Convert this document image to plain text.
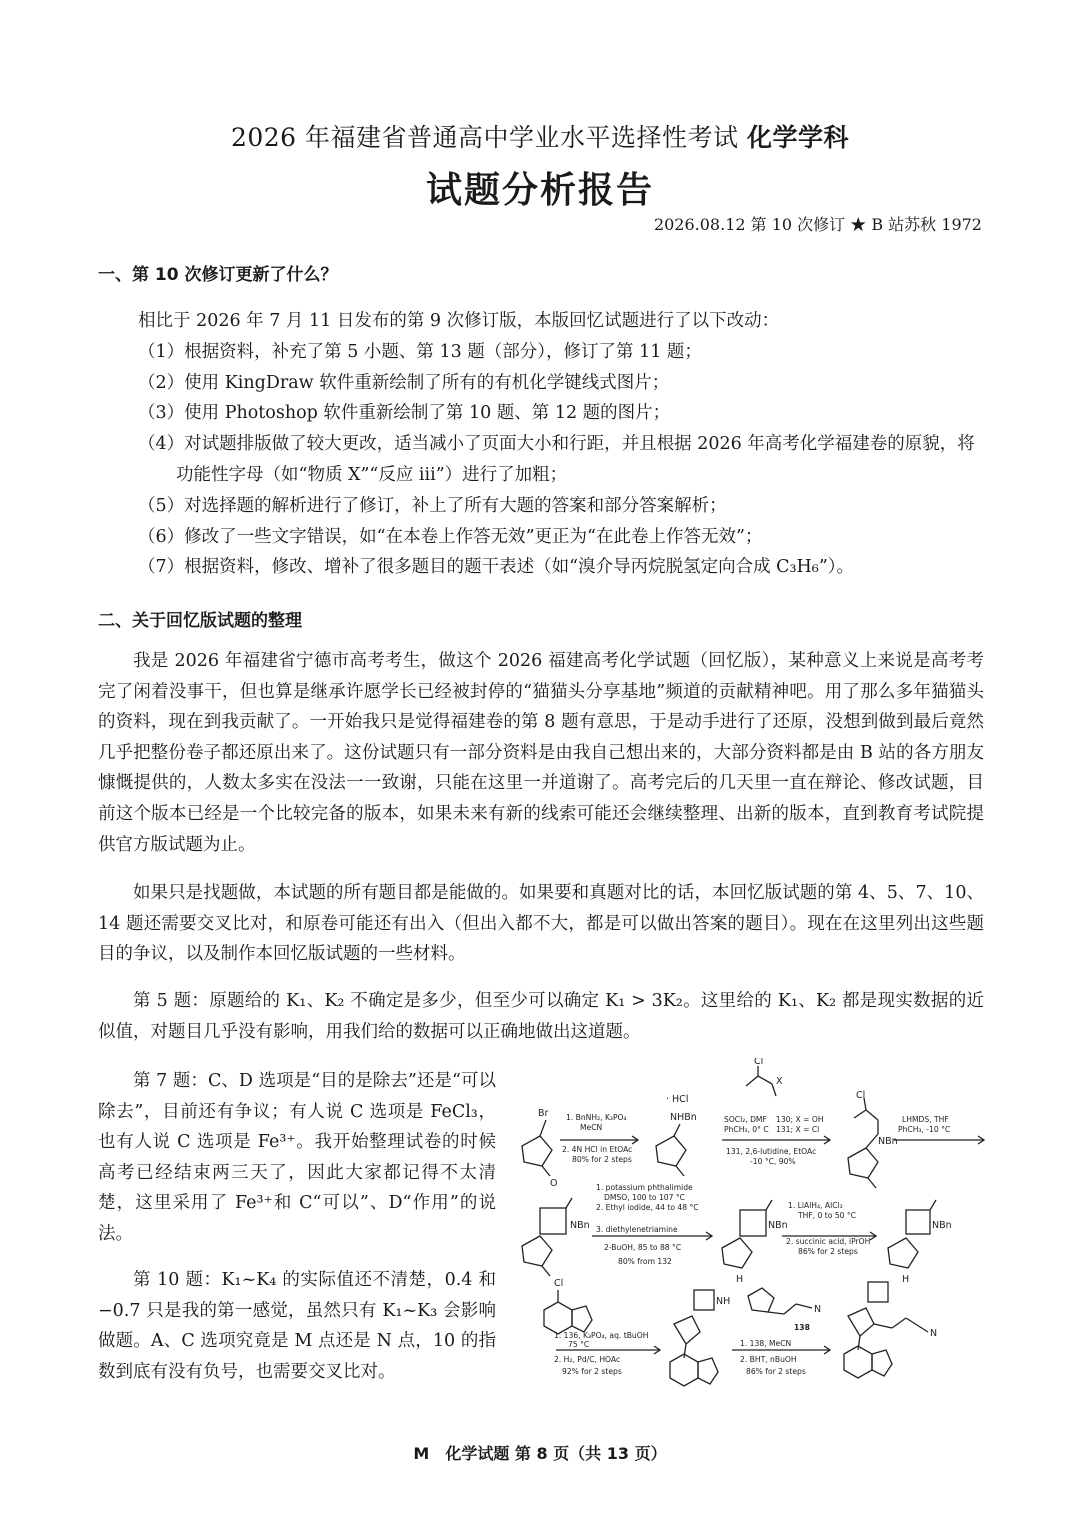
2026 年福建省普通高中学业水平选择性考试 化学学科
试题分析报告
2026.08.12 第 10 次修订 ★ B 站苏秋 1972
一、第 10 次修订更新了什么？
相比于 2026 年 7 月 11 日发布的第 9 次修订版，本版回忆试题进行了以下改动：
（1）根据资料，补充了第 5 小题、第 13 题（部分），修订了第 11 题；
（2）使用 KingDraw 软件重新绘制了所有的有机化学键线式图片；
（3）使用 Photoshop 软件重新绘制了第 10 题、第 12 题的图片；
（4）对试题排版做了较大更改，适当减小了页面大小和行距，并且根据 2026 年高考化学福建卷的原貌，将功能性字母（如“物质 X”“反应 iii”）进行了加粗；
（5）对选择题的解析进行了修订，补上了所有大题的答案和部分答案解析；
（6）修改了一些文字错误，如“在本卷上作答无效”更正为“在此卷上作答无效”；
（7）根据资料，修改、增补了很多题目的题干表述（如“溴介导丙烷脱氢定向合成 C₃H₆”）。
二、关于回忆版试题的整理
我是 2026 年福建省宁德市高考考生，做这个 2026 福建高考化学试题（回忆版），某种意义上来说是高考考完了闲着没事干，但也算是继承许愿学长已经被封停的“猫猫头分享基地”频道的贡献精神吧。用了那么多年猫猫头的资料，现在到我贡献了。一开始我只是觉得福建卷的第 8 题有意思，于是动手进行了还原，没想到做到最后竟然几乎把整份卷子都还原出来了。这份试题只有一部分资料是由我自己想出来的，大部分资料都是由 B 站的各方朋友慷慨提供的，人数太多实在没法一一致谢，只能在这里一并道谢了。高考完后的几天里一直在辩论、修改试题，目前这个版本已经是一个比较完备的版本，如果未来有新的线索可能还会继续整理、出新的版本，直到教育考试院提供官方版试题为止。
如果只是找题做，本试题的所有题目都是能做的。如果要和真题对比的话，本回忆版试题的第 4、5、7、10、14 题还需要交叉比对，和原卷可能还有出入（但出入都不大，都是可以做出答案的题目）。现在在这里列出这些题目的争议，以及制作本回忆版试题的一些材料。
第 5 题：原题给的 K₁、K₂ 不确定是多少，但至少可以确定 K₁ > 3K₂。这里给的 K₁、K₂ 都是现实数据的近似值，对题目几乎没有影响，用我们给的数据可以正确地做出这道题。
第 7 题：C、D 选项是“目的是除去”还是“可以除去”，目前还有争议；有人说 C 选项是 FeCl₃，也有人说 C 选项是 Fe³⁺。我开始整理试卷的时候高考已经结束两三天了，因此大家都记得不太清楚，这里采用了 Fe³⁺和 C“可以”、D“作用”的说法。
第 10 题：K₁~K₄ 的实际值还不清楚，0.4 和 −0.7 只是我的第一感觉，虽然只有 K₁~K₃ 会影响做题。A、C 选项究竟是 M 点还是 N 点，10 的指数到底有没有负号，也需要交叉比对。
Br
O
· HCl
NHBn
Cl
X
Cl
NBn
NBn	NBn	NBn
H	H
Cl
NH
N
N
1. BnNH₂, K₃PO₄
MeCN
2. 4N HCl in EtOAc
80% for 2 steps
SOCl₂, DMF
PhCH₃, 0° C
130; X = OH
131; X = Cl
131, 2,6-lutidine, EtOAc
-10 °C, 90%
LHMDS, THF
PhCH₃, -10 °C
1. potassium phthalimide
DMSO, 100 to 107 °C
2. Ethyl iodide, 44 to 48 °C
3. diethylenetriamine
2-BuOH, 85 to 88 °C
80% from 132
1. LiAlH₄, AlCl₃
THF, 0 to 50 °C
2. succinic acid, iPrOH
86% for 2 steps
1. 136, K₃PO₄, aq. tBuOH
75 °C
2. H₂, Pd/C, HOAc
92% for 2 steps
1. 138, MeCN
2. BHT, nBuOH
86% for 2 steps
138
M　化学试题 第 8 页（共 13 页）
